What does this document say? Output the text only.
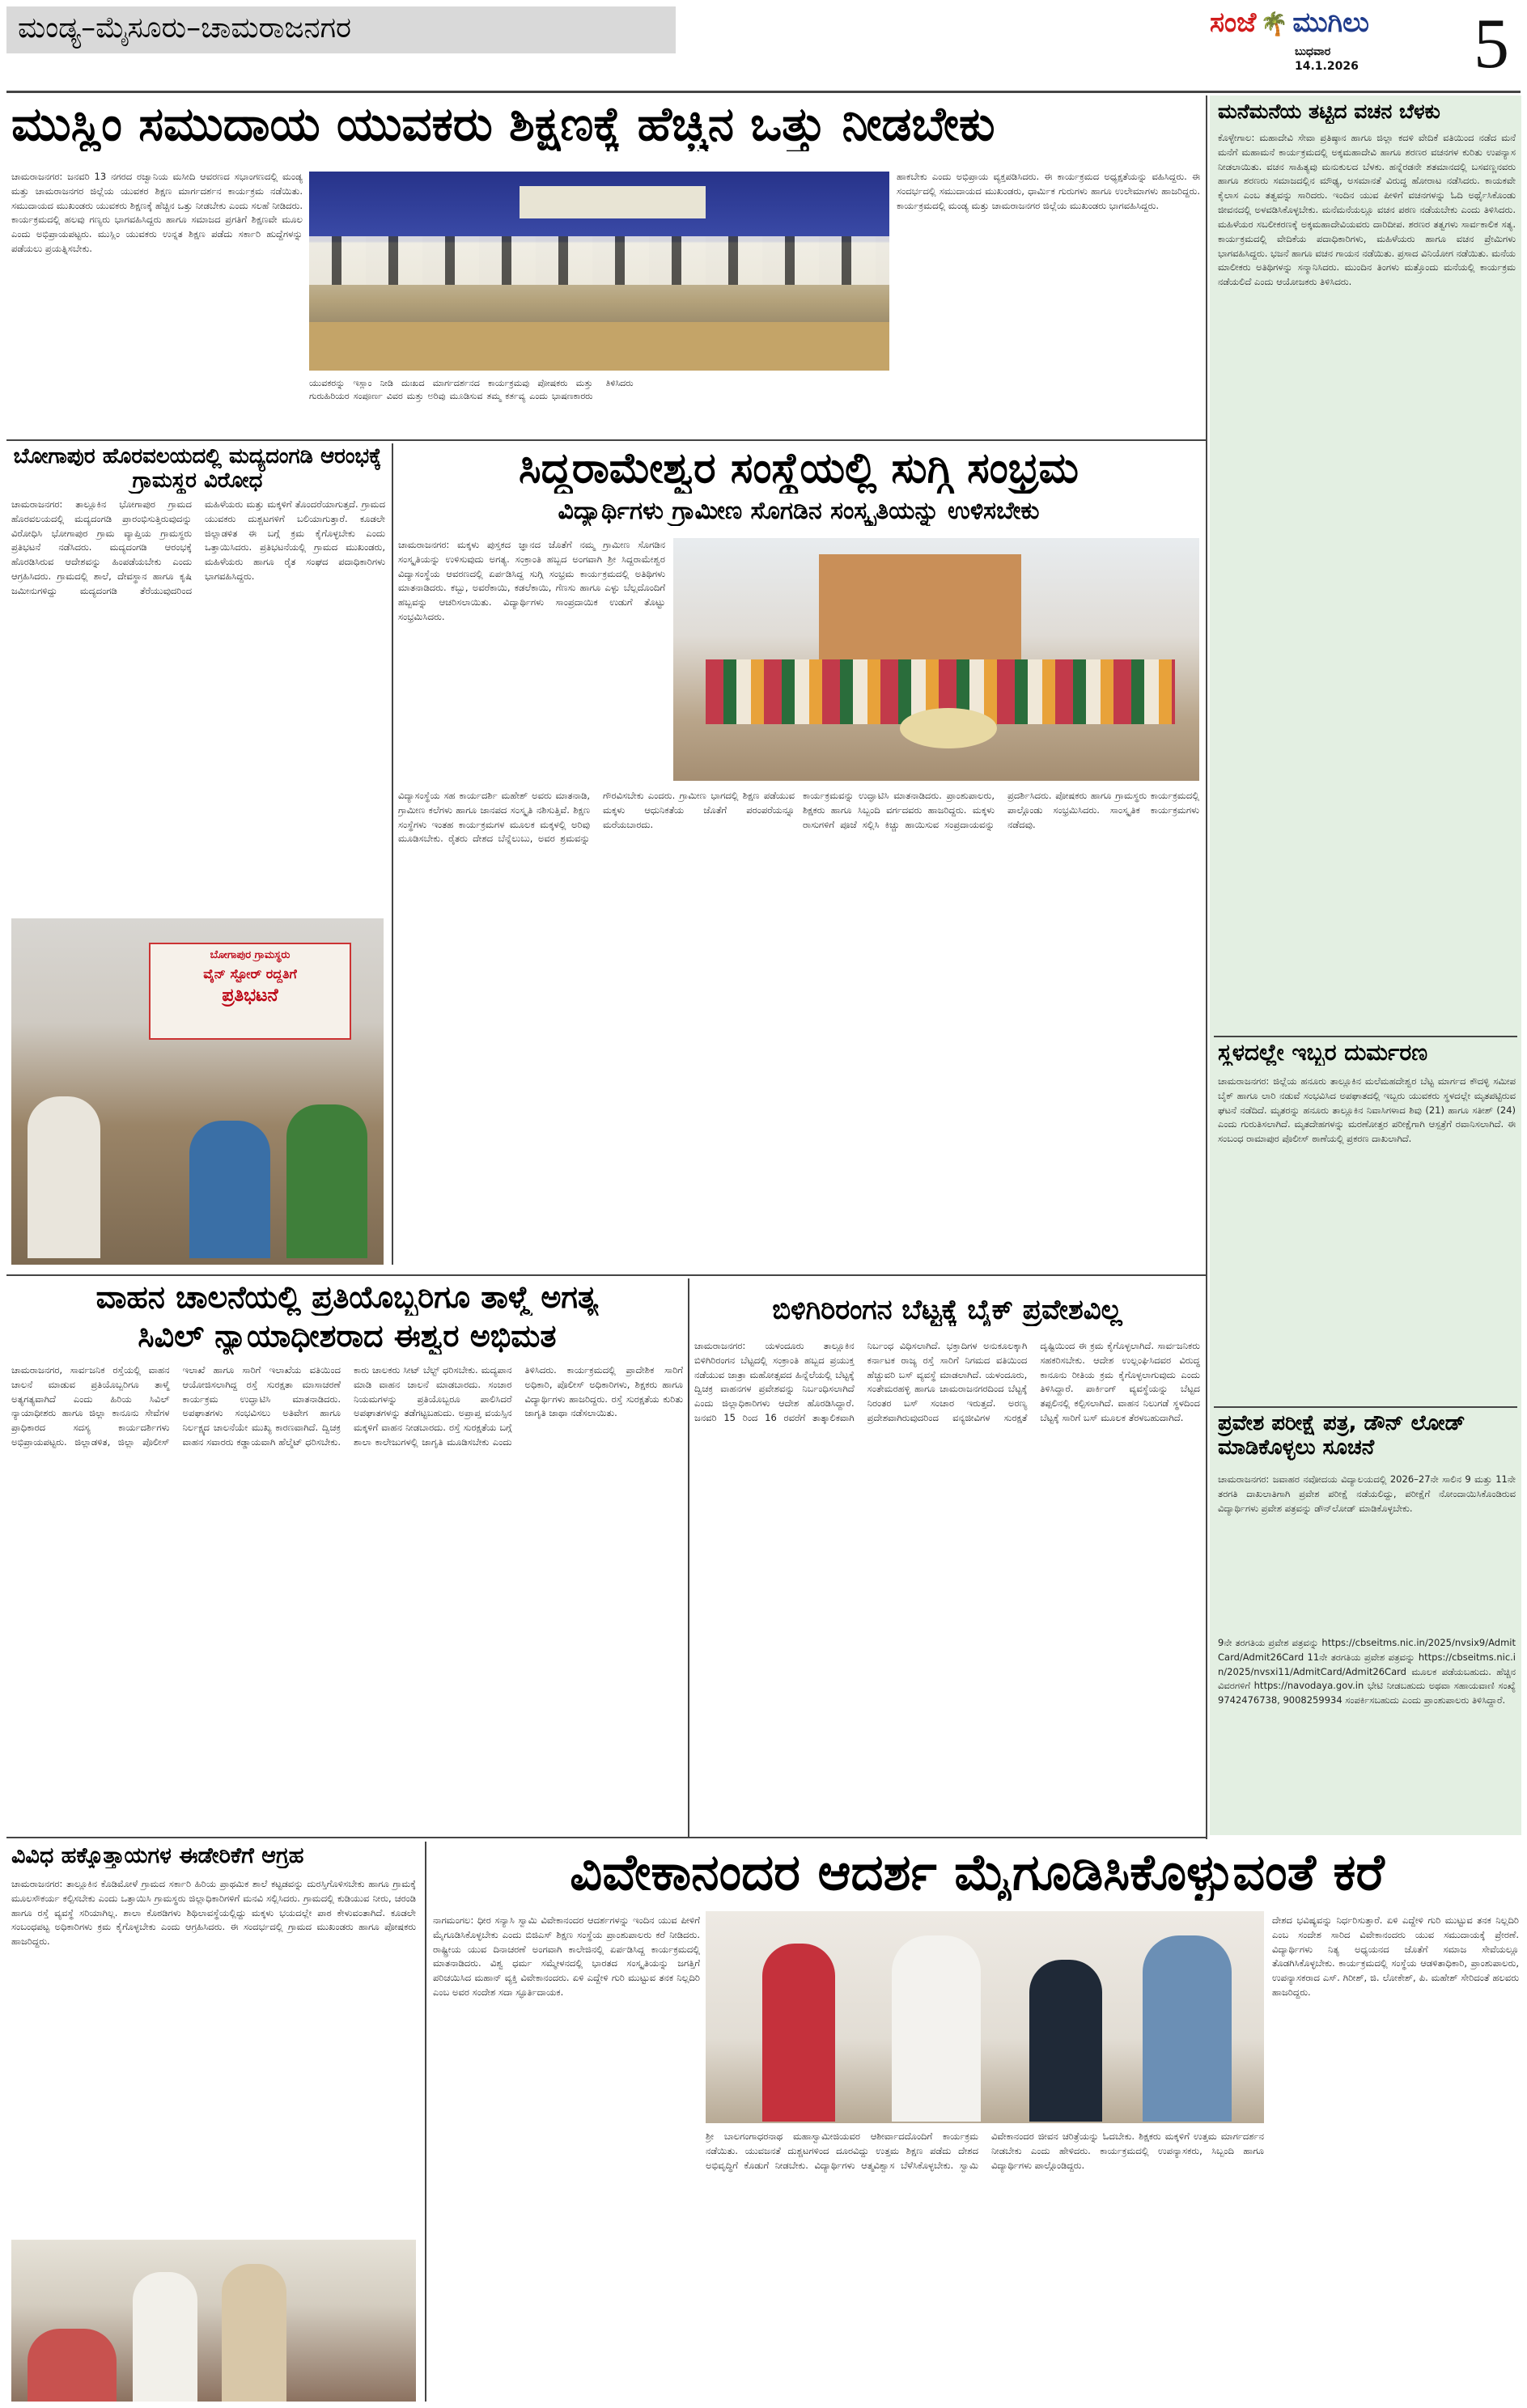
ಮಂಡ್ಯ–ಮೈಸೂರು–ಚಾಮರಾಜನಗರ	ಸಂಜೆ 🌴 ಮುಗಿಲು
ಬುಧವಾರ
14.1.2026	5
ಮುಸ್ಲಿಂ ಸಮುದಾಯ ಯುವಕರು ಶಿಕ್ಷಣಕ್ಕೆ ಹೆಚ್ಚಿನ ಒತ್ತು ನೀಡಬೇಕು
ಚಾಮರಾಜನಗರ: ಜನವರಿ 13 ನಗರದ ರಜ್ವಾನಿಯ ಮಸೀದಿ ಆವರಣದ ಸಭಾಂಗಣದಲ್ಲಿ ಮಂಡ್ಯ ಮತ್ತು ಚಾಮರಾಜನಗರ ಜಿಲ್ಲೆಯ ಯುವಕರ ಶಿಕ್ಷಣ ಮಾರ್ಗದರ್ಶನ ಕಾರ್ಯಕ್ರಮ ನಡೆಯಿತು. ಸಮುದಾಯದ ಮುಖಂಡರು ಯುವಕರು ಶಿಕ್ಷಣಕ್ಕೆ ಹೆಚ್ಚಿನ ಒತ್ತು ನೀಡಬೇಕು ಎಂದು ಸಲಹೆ ನೀಡಿದರು. ಕಾರ್ಯಕ್ರಮದಲ್ಲಿ ಹಲವು ಗಣ್ಯರು ಭಾಗವಹಿಸಿದ್ದರು ಹಾಗೂ ಸಮಾಜದ ಪ್ರಗತಿಗೆ ಶಿಕ್ಷಣವೇ ಮೂಲ ಎಂದು ಅಭಿಪ್ರಾಯಪಟ್ಟರು. ಮುಸ್ಲಿಂ ಯುವಕರು ಉನ್ನತ ಶಿಕ್ಷಣ ಪಡೆದು ಸರ್ಕಾರಿ ಹುದ್ದೆಗಳನ್ನು ಪಡೆಯಲು ಪ್ರಯತ್ನಿಸಬೇಕು.
ಯುವಕರನ್ನು ಇಸ್ಲಾಂ ನೀಡಿ ದುಃಖದ ಮಾರ್ಗದರ್ಶನದ ಕಾರ್ಯಕ್ರಮವು ಪೋಷಕರು ಮತ್ತು ಗುರುಹಿರಿಯರ ಸಂಪೂರ್ಣ ವಿವರ ಮತ್ತು ಅರಿವು ಮೂಡಿಸುವ ತಮ್ಮ ಕರ್ತವ್ಯ ಎಂದು ಭಾಷಣಕಾರರು ತಿಳಿಸಿದರು
ಹಾಕಬೇಕು ಎಂದು ಅಭಿಪ್ರಾಯ ವ್ಯಕ್ತಪಡಿಸಿದರು. ಈ ಕಾರ್ಯಕ್ರಮದ ಅಧ್ಯಕ್ಷತೆಯನ್ನು ವಹಿಸಿದ್ದರು. ಈ ಸಂದರ್ಭದಲ್ಲಿ ಸಮುದಾಯದ ಮುಖಂಡರು, ಧಾರ್ಮಿಕ ಗುರುಗಳು ಹಾಗೂ ಉಲೇಮಾಗಳು ಹಾಜರಿದ್ದರು. ಕಾರ್ಯಕ್ರಮದಲ್ಲಿ ಮಂಡ್ಯ ಮತ್ತು ಚಾಮರಾಜನಗರ ಜಿಲ್ಲೆಯ ಮುಖಂಡರು ಭಾಗವಹಿಸಿದ್ದರು.
ಬೋಗಾಪುರ ಹೊರವಲಯದಲ್ಲಿ ಮದ್ಯದಂಗಡಿ ಆರಂಭಕ್ಕೆ ಗ್ರಾಮಸ್ಥರ ವಿರೋಧ
ಚಾಮರಾಜನಗರ: ತಾಲ್ಲೂಕಿನ ಭೋಗಾಪುರ ಗ್ರಾಮದ ಹೊರವಲಯದಲ್ಲಿ ಮದ್ಯದಂಗಡಿ ಪ್ರಾರಂಭಿಸುತ್ತಿರುವುದನ್ನು ವಿರೋಧಿಸಿ ಭೋಗಾಪುರ ಗ್ರಾಮ ವ್ಯಾಪ್ತಿಯ ಗ್ರಾಮಸ್ಥರು ಪ್ರತಿಭಟನೆ ನಡೆಸಿದರು. ಮದ್ಯದಂಗಡಿ ಆರಂಭಕ್ಕೆ ಹೊರಡಿಸಿರುವ ಆದೇಶವನ್ನು ಹಿಂಪಡೆಯಬೇಕು ಎಂದು ಆಗ್ರಹಿಸಿದರು. ಗ್ರಾಮದಲ್ಲಿ ಶಾಲೆ, ದೇವಸ್ಥಾನ ಹಾಗೂ ಕೃಷಿ ಜಮೀನುಗಳಿದ್ದು ಮದ್ಯದಂಗಡಿ ತೆರೆಯುವುದರಿಂದ ಮಹಿಳೆಯರು ಮತ್ತು ಮಕ್ಕಳಿಗೆ ತೊಂದರೆಯಾಗುತ್ತದೆ. ಗ್ರಾಮದ ಯುವಕರು ದುಶ್ಚಟಗಳಿಗೆ ಬಲಿಯಾಗುತ್ತಾರೆ. ಕೂಡಲೇ ಜಿಲ್ಲಾಡಳಿತ ಈ ಬಗ್ಗೆ ಕ್ರಮ ಕೈಗೊಳ್ಳಬೇಕು ಎಂದು ಒತ್ತಾಯಿಸಿದರು. ಪ್ರತಿಭಟನೆಯಲ್ಲಿ ಗ್ರಾಮದ ಮುಖಂಡರು, ಮಹಿಳೆಯರು ಹಾಗೂ ರೈತ ಸಂಘದ ಪದಾಧಿಕಾರಿಗಳು ಭಾಗವಹಿಸಿದ್ದರು.
ಬೋಗಾಪುರ ಗ್ರಾಮಸ್ಥರು
ವೈನ್ ಸ್ಟೋರ್ ರದ್ದತಿಗೆ
ಪ್ರತಿಭಟನೆ
ಸಿದ್ದರಾಮೇಶ್ವರ ಸಂಸ್ಥೆಯಲ್ಲಿ ಸುಗ್ಗಿ ಸಂಭ್ರಮ
ವಿದ್ಯಾರ್ಥಿಗಳು ಗ್ರಾಮೀಣ ಸೊಗಡಿನ ಸಂಸ್ಕೃತಿಯನ್ನು ಉಳಿಸಬೇಕು
ಚಾಮರಾಜನಗರ: ಮಕ್ಕಳು ಪುಸ್ತಕದ ಜ್ಞಾನದ ಜೊತೆಗೆ ನಮ್ಮ ಗ್ರಾಮೀಣ ಸೊಗಡಿನ ಸಂಸ್ಕೃತಿಯನ್ನು ಉಳಿಸುವುದು ಅಗತ್ಯ. ಸಂಕ್ರಾಂತಿ ಹಬ್ಬದ ಅಂಗವಾಗಿ ಶ್ರೀ ಸಿದ್ದರಾಮೇಶ್ವರ ವಿದ್ಯಾಸಂಸ್ಥೆಯ ಆವರಣದಲ್ಲಿ ಏರ್ಪಡಿಸಿದ್ದ ಸುಗ್ಗಿ ಸಂಭ್ರಮ ಕಾರ್ಯಕ್ರಮದಲ್ಲಿ ಅತಿಥಿಗಳು ಮಾತನಾಡಿದರು. ಕಬ್ಬು, ಅವರೆಕಾಯಿ, ಕಡಲೆಕಾಯಿ, ಗೆಣಸು ಹಾಗೂ ಎಳ್ಳು ಬೆಲ್ಲದೊಂದಿಗೆ ಹಬ್ಬವನ್ನು ಆಚರಿಸಲಾಯಿತು. ವಿದ್ಯಾರ್ಥಿಗಳು ಸಾಂಪ್ರದಾಯಿಕ ಉಡುಗೆ ತೊಟ್ಟು ಸಂಭ್ರಮಿಸಿದರು.
ವಿದ್ಯಾಸಂಸ್ಥೆಯ ಸಹ ಕಾರ್ಯದರ್ಶಿ ಮಹೇಶ್ ಅವರು ಮಾತನಾಡಿ, ಗ್ರಾಮೀಣ ಕಲೆಗಳು ಹಾಗೂ ಜಾನಪದ ಸಂಸ್ಕೃತಿ ನಶಿಸುತ್ತಿವೆ. ಶಿಕ್ಷಣ ಸಂಸ್ಥೆಗಳು ಇಂತಹ ಕಾರ್ಯಕ್ರಮಗಳ ಮೂಲಕ ಮಕ್ಕಳಲ್ಲಿ ಅರಿವು ಮೂಡಿಸಬೇಕು. ರೈತರು ದೇಶದ ಬೆನ್ನೆಲುಬು, ಅವರ ಶ್ರಮವನ್ನು ಗೌರವಿಸಬೇಕು ಎಂದರು. ಗ್ರಾಮೀಣ ಭಾಗದಲ್ಲಿ ಶಿಕ್ಷಣ ಪಡೆಯುವ ಮಕ್ಕಳು ಆಧುನಿಕತೆಯ ಜೊತೆಗೆ ಪರಂಪರೆಯನ್ನೂ ಮರೆಯಬಾರದು.
ಕಾರ್ಯಕ್ರಮವನ್ನು ಉದ್ಘಾಟಿಸಿ ಮಾತನಾಡಿದರು. ಪ್ರಾಂಶುಪಾಲರು, ಶಿಕ್ಷಕರು ಹಾಗೂ ಸಿಬ್ಬಂದಿ ವರ್ಗದವರು ಹಾಜರಿದ್ದರು. ಮಕ್ಕಳು ರಾಸುಗಳಿಗೆ ಪೂಜೆ ಸಲ್ಲಿಸಿ ಕಿಚ್ಚು ಹಾಯಿಸುವ ಸಂಪ್ರದಾಯವನ್ನು ಪ್ರದರ್ಶಿಸಿದರು. ಪೋಷಕರು ಹಾಗೂ ಗ್ರಾಮಸ್ಥರು ಕಾರ್ಯಕ್ರಮದಲ್ಲಿ ಪಾಲ್ಗೊಂಡು ಸಂಭ್ರಮಿಸಿದರು. ಸಾಂಸ್ಕೃತಿಕ ಕಾರ್ಯಕ್ರಮಗಳು ನಡೆದವು.
ವಾಹನ ಚಾಲನೆಯಲ್ಲಿ ಪ್ರತಿಯೊಬ್ಬರಿಗೂ ತಾಳ್ಮೆ ಅಗತ್ಯ
ಸಿವಿಲ್ ನ್ಯಾಯಾಧೀಶರಾದ ಈಶ್ವರ ಅಭಿಮತ
ಚಾಮರಾಜನಗರ, ಸಾರ್ವಜನಿಕ ರಸ್ತೆಯಲ್ಲಿ ವಾಹನ ಚಾಲನೆ ಮಾಡುವ ಪ್ರತಿಯೊಬ್ಬರಿಗೂ ತಾಳ್ಮೆ ಅತ್ಯಗತ್ಯವಾಗಿದೆ ಎಂದು ಹಿರಿಯ ಸಿವಿಲ್ ನ್ಯಾಯಾಧೀಶರು ಹಾಗೂ ಜಿಲ್ಲಾ ಕಾನೂನು ಸೇವೆಗಳ ಪ್ರಾಧಿಕಾರದ ಸದಸ್ಯ ಕಾರ್ಯದರ್ಶಿಗಳು ಅಭಿಪ್ರಾಯಪಟ್ಟರು. ಜಿಲ್ಲಾಡಳಿತ, ಜಿಲ್ಲಾ ಪೊಲೀಸ್ ಇಲಾಖೆ ಹಾಗೂ ಸಾರಿಗೆ ಇಲಾಖೆಯ ವತಿಯಿಂದ ಆಯೋಜಿಸಲಾಗಿದ್ದ ರಸ್ತೆ ಸುರಕ್ಷತಾ ಮಾಸಾಚರಣೆ ಕಾರ್ಯಕ್ರಮ ಉದ್ಘಾಟಿಸಿ ಮಾತನಾಡಿದರು. ಅಪಘಾತಗಳು ಸಂಭವಿಸಲು ಅತಿವೇಗ ಹಾಗೂ ನಿರ್ಲಕ್ಷ್ಯದ ಚಾಲನೆಯೇ ಮುಖ್ಯ ಕಾರಣವಾಗಿದೆ. ದ್ವಿಚಕ್ರ ವಾಹನ ಸವಾರರು ಕಡ್ಡಾಯವಾಗಿ ಹೆಲ್ಮೆಟ್ ಧರಿಸಬೇಕು. ಕಾರು ಚಾಲಕರು ಸೀಟ್ ಬೆಲ್ಟ್ ಧರಿಸಬೇಕು. ಮದ್ಯಪಾನ ಮಾಡಿ ವಾಹನ ಚಾಲನೆ ಮಾಡಬಾರದು. ಸಂಚಾರ ನಿಯಮಗಳನ್ನು ಪ್ರತಿಯೊಬ್ಬರೂ ಪಾಲಿಸಿದರೆ ಅಪಘಾತಗಳನ್ನು ತಡೆಗಟ್ಟಬಹುದು. ಅಪ್ರಾಪ್ತ ವಯಸ್ಸಿನ ಮಕ್ಕಳಿಗೆ ವಾಹನ ನೀಡಬಾರದು. ರಸ್ತೆ ಸುರಕ್ಷತೆಯ ಬಗ್ಗೆ ಶಾಲಾ ಕಾಲೇಜುಗಳಲ್ಲಿ ಜಾಗೃತಿ ಮೂಡಿಸಬೇಕು ಎಂದು ತಿಳಿಸಿದರು. ಕಾರ್ಯಕ್ರಮದಲ್ಲಿ ಪ್ರಾದೇಶಿಕ ಸಾರಿಗೆ ಅಧಿಕಾರಿ, ಪೊಲೀಸ್ ಅಧಿಕಾರಿಗಳು, ಶಿಕ್ಷಕರು ಹಾಗೂ ವಿದ್ಯಾರ್ಥಿಗಳು ಹಾಜರಿದ್ದರು. ರಸ್ತೆ ಸುರಕ್ಷತೆಯ ಕುರಿತು ಜಾಗೃತಿ ಜಾಥಾ ನಡೆಸಲಾಯಿತು.
ಬಿಳಿಗಿರಿರಂಗನ ಬೆಟ್ಟಕ್ಕೆ ಬೈಕ್ ಪ್ರವೇಶವಿಲ್ಲ
ಚಾಮರಾಜನಗರ: ಯಳಂದೂರು ತಾಲ್ಲೂಕಿನ ಬಿಳಿಗಿರಿರಂಗನ ಬೆಟ್ಟದಲ್ಲಿ ಸಂಕ್ರಾಂತಿ ಹಬ್ಬದ ಪ್ರಯುಕ್ತ ನಡೆಯುವ ಜಾತ್ರಾ ಮಹೋತ್ಸವದ ಹಿನ್ನೆಲೆಯಲ್ಲಿ ಬೆಟ್ಟಕ್ಕೆ ದ್ವಿಚಕ್ರ ವಾಹನಗಳ ಪ್ರವೇಶವನ್ನು ನಿರ್ಬಂಧಿಸಲಾಗಿದೆ ಎಂದು ಜಿಲ್ಲಾಧಿಕಾರಿಗಳು ಆದೇಶ ಹೊರಡಿಸಿದ್ದಾರೆ. ಜನವರಿ 15 ರಿಂದ 16 ರವರೆಗೆ ತಾತ್ಕಾಲಿಕವಾಗಿ ನಿರ್ಬಂಧ ವಿಧಿಸಲಾಗಿದೆ. ಭಕ್ತಾದಿಗಳ ಅನುಕೂಲಕ್ಕಾಗಿ ಕರ್ನಾಟಕ ರಾಜ್ಯ ರಸ್ತೆ ಸಾರಿಗೆ ನಿಗಮದ ವತಿಯಿಂದ ಹೆಚ್ಚುವರಿ ಬಸ್ ವ್ಯವಸ್ಥೆ ಮಾಡಲಾಗಿದೆ. ಯಳಂದೂರು, ಸಂತೇಮರಹಳ್ಳಿ ಹಾಗೂ ಚಾಮರಾಜನಗರದಿಂದ ಬೆಟ್ಟಕ್ಕೆ ನಿರಂತರ ಬಸ್ ಸಂಚಾರ ಇರುತ್ತದೆ. ಅರಣ್ಯ ಪ್ರದೇಶವಾಗಿರುವುದರಿಂದ ವನ್ಯಜೀವಿಗಳ ಸುರಕ್ಷತೆ ದೃಷ್ಟಿಯಿಂದ ಈ ಕ್ರಮ ಕೈಗೊಳ್ಳಲಾಗಿದೆ. ಸಾರ್ವಜನಿಕರು ಸಹಕರಿಸಬೇಕು. ಆದೇಶ ಉಲ್ಲಂಘಿಸಿದವರ ವಿರುದ್ಧ ಕಾನೂನು ರೀತಿಯ ಕ್ರಮ ಕೈಗೊಳ್ಳಲಾಗುವುದು ಎಂದು ತಿಳಿಸಿದ್ದಾರೆ. ಪಾರ್ಕಿಂಗ್ ವ್ಯವಸ್ಥೆಯನ್ನು ಬೆಟ್ಟದ ತಪ್ಪಲಿನಲ್ಲಿ ಕಲ್ಪಿಸಲಾಗಿದೆ. ವಾಹನ ನಿಲುಗಡೆ ಸ್ಥಳದಿಂದ ಬೆಟ್ಟಕ್ಕೆ ಸಾರಿಗೆ ಬಸ್ ಮೂಲಕ ತೆರಳಬಹುದಾಗಿದೆ.
ಮನೆಮನೆಯ ತಟ್ಟಿದ ವಚನ ಬೆಳಕು
ಕೊಳ್ಳೇಗಾಲ: ಮಹಾದೇವಿ ಸೇವಾ ಪ್ರತಿಷ್ಠಾನ ಹಾಗೂ ಜಿಲ್ಲಾ ಕದಳಿ ವೇದಿಕೆ ವತಿಯಿಂದ ನಡೆದ ಮನೆ ಮನೆಗೆ ಮಹಾಮನೆ ಕಾರ್ಯಕ್ರಮದಲ್ಲಿ ಅಕ್ಕಮಹಾದೇವಿ ಹಾಗೂ ಶರಣರ ವಚನಗಳ ಕುರಿತು ಉಪನ್ಯಾಸ ನೀಡಲಾಯಿತು. ವಚನ ಸಾಹಿತ್ಯವು ಮನುಕುಲದ ಬೆಳಕು. ಹನ್ನೆರಡನೇ ಶತಮಾನದಲ್ಲಿ ಬಸವಣ್ಣನವರು ಹಾಗೂ ಶರಣರು ಸಮಾಜದಲ್ಲಿನ ಮೌಢ್ಯ, ಅಸಮಾನತೆ ವಿರುದ್ಧ ಹೋರಾಟ ನಡೆಸಿದರು. ಕಾಯಕವೇ ಕೈಲಾಸ ಎಂಬ ತತ್ವವನ್ನು ಸಾರಿದರು. ಇಂದಿನ ಯುವ ಪೀಳಿಗೆ ವಚನಗಳನ್ನು ಓದಿ ಅರ್ಥೈಸಿಕೊಂಡು ಜೀವನದಲ್ಲಿ ಅಳವಡಿಸಿಕೊಳ್ಳಬೇಕು. ಮನೆಮನೆಯಲ್ಲೂ ವಚನ ಪಠಣ ನಡೆಯಬೇಕು ಎಂದು ತಿಳಿಸಿದರು. ಮಹಿಳೆಯರ ಸಬಲೀಕರಣಕ್ಕೆ ಅಕ್ಕಮಹಾದೇವಿಯವರು ದಾರಿದೀಪ. ಶರಣರ ತತ್ವಗಳು ಸಾರ್ವಕಾಲಿಕ ಸತ್ಯ. ಕಾರ್ಯಕ್ರಮದಲ್ಲಿ ವೇದಿಕೆಯ ಪದಾಧಿಕಾರಿಗಳು, ಮಹಿಳೆಯರು ಹಾಗೂ ವಚನ ಪ್ರೇಮಿಗಳು ಭಾಗವಹಿಸಿದ್ದರು. ಭಜನೆ ಹಾಗೂ ವಚನ ಗಾಯನ ನಡೆಯಿತು. ಪ್ರಸಾದ ವಿನಿಯೋಗ ನಡೆಯಿತು. ಮನೆಯ ಮಾಲೀಕರು ಅತಿಥಿಗಳನ್ನು ಸನ್ಮಾನಿಸಿದರು. ಮುಂದಿನ ತಿಂಗಳು ಮತ್ತೊಂದು ಮನೆಯಲ್ಲಿ ಕಾರ್ಯಕ್ರಮ ನಡೆಯಲಿದೆ ಎಂದು ಆಯೋಜಕರು ತಿಳಿಸಿದರು.
ಸ್ಥಳದಲ್ಲೇ ಇಬ್ಬರ ದುರ್ಮರಣ
ಚಾಮರಾಜನಗರ: ಜಿಲ್ಲೆಯ ಹನೂರು ತಾಲ್ಲೂಕಿನ ಮಲೆಮಹದೇಶ್ವರ ಬೆಟ್ಟ ಮಾರ್ಗದ ಕೌದಳ್ಳಿ ಸಮೀಪ ಬೈಕ್ ಹಾಗೂ ಲಾರಿ ನಡುವೆ ಸಂಭವಿಸಿದ ಅಪಘಾತದಲ್ಲಿ ಇಬ್ಬರು ಯುವಕರು ಸ್ಥಳದಲ್ಲೇ ಮೃತಪಟ್ಟಿರುವ ಘಟನೆ ನಡೆದಿದೆ. ಮೃತರನ್ನು ಹನೂರು ತಾಲ್ಲೂಕಿನ ನಿವಾಸಿಗಳಾದ ಶಿವು (21) ಹಾಗೂ ಸತೀಶ್ (24) ಎಂದು ಗುರುತಿಸಲಾಗಿದೆ. ಮೃತದೇಹಗಳನ್ನು ಮರಣೋತ್ತರ ಪರೀಕ್ಷೆಗಾಗಿ ಆಸ್ಪತ್ರೆಗೆ ರವಾನಿಸಲಾಗಿದೆ. ಈ ಸಂಬಂಧ ರಾಮಾಪುರ ಪೊಲೀಸ್ ಠಾಣೆಯಲ್ಲಿ ಪ್ರಕರಣ ದಾಖಲಾಗಿದೆ.
ಪ್ರವೇಶ ಪರೀಕ್ಷೆ ಪತ್ರ, ಡೌನ್ ಲೋಡ್ ಮಾಡಿಕೊಳ್ಳಲು ಸೂಚನೆ
ಚಾಮರಾಜನಗರ: ಜವಾಹರ ನವೋದಯ ವಿದ್ಯಾಲಯದಲ್ಲಿ 2026–27ನೇ ಸಾಲಿನ 9 ಮತ್ತು 11ನೇ ತರಗತಿ ದಾಖಲಾತಿಗಾಗಿ ಪ್ರವೇಶ ಪರೀಕ್ಷೆ ನಡೆಯಲಿದ್ದು, ಪರೀಕ್ಷೆಗೆ ನೋಂದಾಯಿಸಿಕೊಂಡಿರುವ ವಿದ್ಯಾರ್ಥಿಗಳು ಪ್ರವೇಶ ಪತ್ರವನ್ನು ಡೌನ್‌ಲೋಡ್ ಮಾಡಿಕೊಳ್ಳಬೇಕು.
9ನೇ ತರಗತಿಯ ಪ್ರವೇಶ ಪತ್ರವನ್ನು https://cbseitms.nic.in/2025/nvsix9/AdmitCard/Admit26Card 11ನೇ ತರಗತಿಯ ಪ್ರವೇಶ ಪತ್ರವನ್ನು https://cbseitms.nic.in/2025/nvsxi11/AdmitCard/Admit26Card ಮೂಲಕ ಪಡೆಯಬಹುದು. ಹೆಚ್ಚಿನ ವಿವರಗಳಿಗೆ https://navodaya.gov.in ಭೇಟಿ ನೀಡಬಹುದು ಅಥವಾ ಸಹಾಯವಾಣಿ ಸಂಖ್ಯೆ 9742476738, 9008259934 ಸಂಪರ್ಕಿಸಬಹುದು ಎಂದು ಪ್ರಾಂಶುಪಾಲರು ತಿಳಿಸಿದ್ದಾರೆ.
ವಿವಿಧ ಹಕ್ಕೊತ್ತಾಯಗಳ ಈಡೇರಿಕೆಗೆ ಆಗ್ರಹ
ಚಾಮರಾಜನಗರ: ತಾಲ್ಲೂಕಿನ ಕೊಡಿಮೋಳೆ ಗ್ರಾಮದ ಸರ್ಕಾರಿ ಹಿರಿಯ ಪ್ರಾಥಮಿಕ ಶಾಲೆ ಕಟ್ಟಡವನ್ನು ದುರಸ್ತಿಗೊಳಿಸಬೇಕು ಹಾಗೂ ಗ್ರಾಮಕ್ಕೆ ಮೂಲಸೌಕರ್ಯ ಕಲ್ಪಿಸಬೇಕು ಎಂದು ಒತ್ತಾಯಿಸಿ ಗ್ರಾಮಸ್ಥರು ಜಿಲ್ಲಾಧಿಕಾರಿಗಳಿಗೆ ಮನವಿ ಸಲ್ಲಿಸಿದರು. ಗ್ರಾಮದಲ್ಲಿ ಕುಡಿಯುವ ನೀರು, ಚರಂಡಿ ಹಾಗೂ ರಸ್ತೆ ವ್ಯವಸ್ಥೆ ಸರಿಯಾಗಿಲ್ಲ. ಶಾಲಾ ಕೊಠಡಿಗಳು ಶಿಥಿಲಾವಸ್ಥೆಯಲ್ಲಿದ್ದು ಮಕ್ಕಳು ಭಯದಲ್ಲೇ ಪಾಠ ಕೇಳುವಂತಾಗಿದೆ. ಕೂಡಲೇ ಸಂಬಂಧಪಟ್ಟ ಅಧಿಕಾರಿಗಳು ಕ್ರಮ ಕೈಗೊಳ್ಳಬೇಕು ಎಂದು ಆಗ್ರಹಿಸಿದರು. ಈ ಸಂದರ್ಭದಲ್ಲಿ ಗ್ರಾಮದ ಮುಖಂಡರು ಹಾಗೂ ಪೋಷಕರು ಹಾಜರಿದ್ದರು.
ವಿವೇಕಾನಂದರ ಆದರ್ಶ ಮೈಗೂಡಿಸಿಕೊಳ್ಳುವಂತೆ ಕರೆ
ನಾಗಮಂಗಲ: ಧೀರ ಸನ್ಯಾಸಿ ಸ್ವಾಮಿ ವಿವೇಕಾನಂದರ ಆದರ್ಶಗಳನ್ನು ಇಂದಿನ ಯುವ ಪೀಳಿಗೆ ಮೈಗೂಡಿಸಿಕೊಳ್ಳಬೇಕು ಎಂದು ಬಿಜಿಎಸ್ ಶಿಕ್ಷಣ ಸಂಸ್ಥೆಯ ಪ್ರಾಂಶುಪಾಲರು ಕರೆ ನೀಡಿದರು. ರಾಷ್ಟ್ರೀಯ ಯುವ ದಿನಾಚರಣೆ ಅಂಗವಾಗಿ ಕಾಲೇಜಿನಲ್ಲಿ ಏರ್ಪಡಿಸಿದ್ದ ಕಾರ್ಯಕ್ರಮದಲ್ಲಿ ಮಾತನಾಡಿದರು. ವಿಶ್ವ ಧರ್ಮ ಸಮ್ಮೇಳನದಲ್ಲಿ ಭಾರತದ ಸಂಸ್ಕೃತಿಯನ್ನು ಜಗತ್ತಿಗೆ ಪರಿಚಯಿಸಿದ ಮಹಾನ್ ವ್ಯಕ್ತಿ ವಿವೇಕಾನಂದರು. ಏಳಿ ಎದ್ದೇಳಿ ಗುರಿ ಮುಟ್ಟುವ ತನಕ ನಿಲ್ಲದಿರಿ ಎಂಬ ಅವರ ಸಂದೇಶ ಸದಾ ಸ್ಫೂರ್ತಿದಾಯಕ.
ಶ್ರೀ ಬಾಲಗಂಗಾಧರನಾಥ ಮಹಾಸ್ವಾಮೀಜಿಯವರ ಆಶೀರ್ವಾದದೊಂದಿಗೆ ಕಾರ್ಯಕ್ರಮ ನಡೆಯಿತು. ಯುವಜನತೆ ದುಶ್ಚಟಗಳಿಂದ ದೂರವಿದ್ದು ಉತ್ತಮ ಶಿಕ್ಷಣ ಪಡೆದು ದೇಶದ ಅಭಿವೃದ್ಧಿಗೆ ಕೊಡುಗೆ ನೀಡಬೇಕು. ವಿದ್ಯಾರ್ಥಿಗಳು ಆತ್ಮವಿಶ್ವಾಸ ಬೆಳೆಸಿಕೊಳ್ಳಬೇಕು. ಸ್ವಾಮಿ ವಿವೇಕಾನಂದರ ಜೀವನ ಚರಿತ್ರೆಯನ್ನು ಓದಬೇಕು. ಶಿಕ್ಷಕರು ಮಕ್ಕಳಿಗೆ ಉತ್ತಮ ಮಾರ್ಗದರ್ಶನ ನೀಡಬೇಕು ಎಂದು ಹೇಳಿದರು. ಕಾರ್ಯಕ್ರಮದಲ್ಲಿ ಉಪನ್ಯಾಸಕರು, ಸಿಬ್ಬಂದಿ ಹಾಗೂ ವಿದ್ಯಾರ್ಥಿಗಳು ಪಾಲ್ಗೊಂಡಿದ್ದರು.
ದೇಶದ ಭವಿಷ್ಯವನ್ನು ನಿರ್ಧರಿಸುತ್ತಾರೆ. ಏಳಿ ಎದ್ದೇಳಿ ಗುರಿ ಮುಟ್ಟುವ ತನಕ ನಿಲ್ಲದಿರಿ ಎಂಬ ಸಂದೇಶ ಸಾರಿದ ವಿವೇಕಾನಂದರು ಯುವ ಸಮುದಾಯಕ್ಕೆ ಪ್ರೇರಣೆ. ವಿದ್ಯಾರ್ಥಿಗಳು ನಿತ್ಯ ಅಧ್ಯಯನದ ಜೊತೆಗೆ ಸಮಾಜ ಸೇವೆಯಲ್ಲೂ ತೊಡಗಿಸಿಕೊಳ್ಳಬೇಕು. ಕಾರ್ಯಕ್ರಮದಲ್ಲಿ ಸಂಸ್ಥೆಯ ಆಡಳಿತಾಧಿಕಾರಿ, ಪ್ರಾಂಶುಪಾಲರು, ಉಪನ್ಯಾಸಕರಾದ ಎಸ್. ಗಿರೀಶ್, ಜಿ. ಲೋಕೇಶ್, ಪಿ. ಮಹೇಶ್ ಸೇರಿದಂತೆ ಹಲವರು ಹಾಜರಿದ್ದರು.
